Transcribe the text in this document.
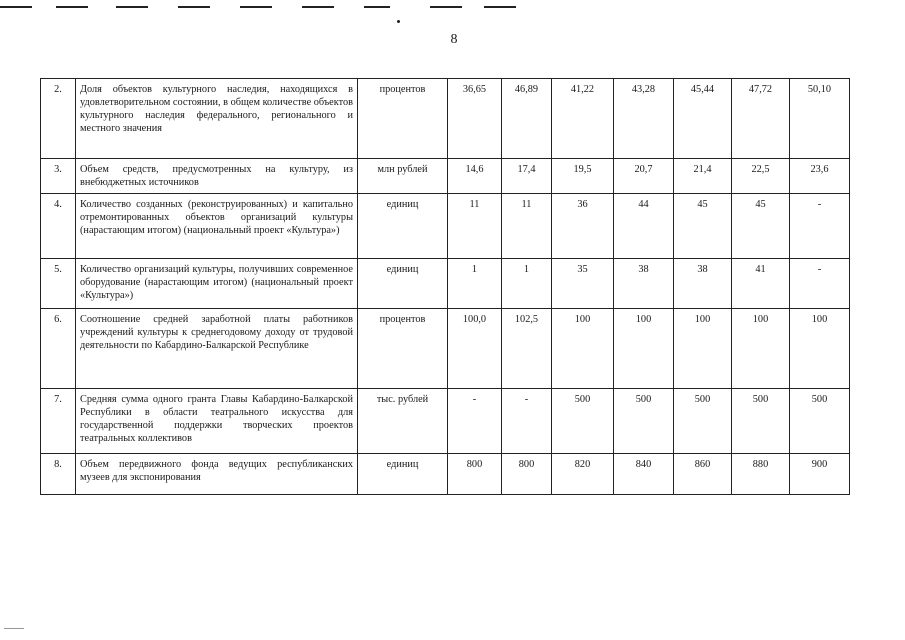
8
2.	Доля объектов культурного наследия, находящихся в удовлетворительном состоянии, в общем количестве объектов культурного наследия федерального, регионального и местного значения	процентов	36,65	46,89	41,22	43,28	45,44	47,72	50,10
3.	Объем средств, предусмотренных на культуру, из внебюджетных источников	млн рублей	14,6	17,4	19,5	20,7	21,4	22,5	23,6
4.	Количество созданных (реконструированных) и капитально отремонтированных объектов организаций культуры (нарастающим итогом) (национальный проект «Культура»)	единиц	11	11	36	44	45	45	-
5.	Количество организаций культуры, получивших современное оборудование (нарастающим итогом) (национальный проект «Культура»)	единиц	1	1	35	38	38	41	-
6.	Соотношение средней заработной платы работников учреждений культуры к среднегодовому доходу от трудовой деятельности по Кабардино-Балкарской Республике	процентов	100,0	102,5	100	100	100	100	100
7.	Средняя сумма одного гранта Главы Кабардино-Балкарской Республики в области театрального искусства для государственной поддержки творческих проектов театральных коллективов	тыс. рублей	-	-	500	500	500	500	500
8.	Объем передвижного фонда ведущих республиканских музеев для экспонирования	единиц	800	800	820	840	860	880	900
